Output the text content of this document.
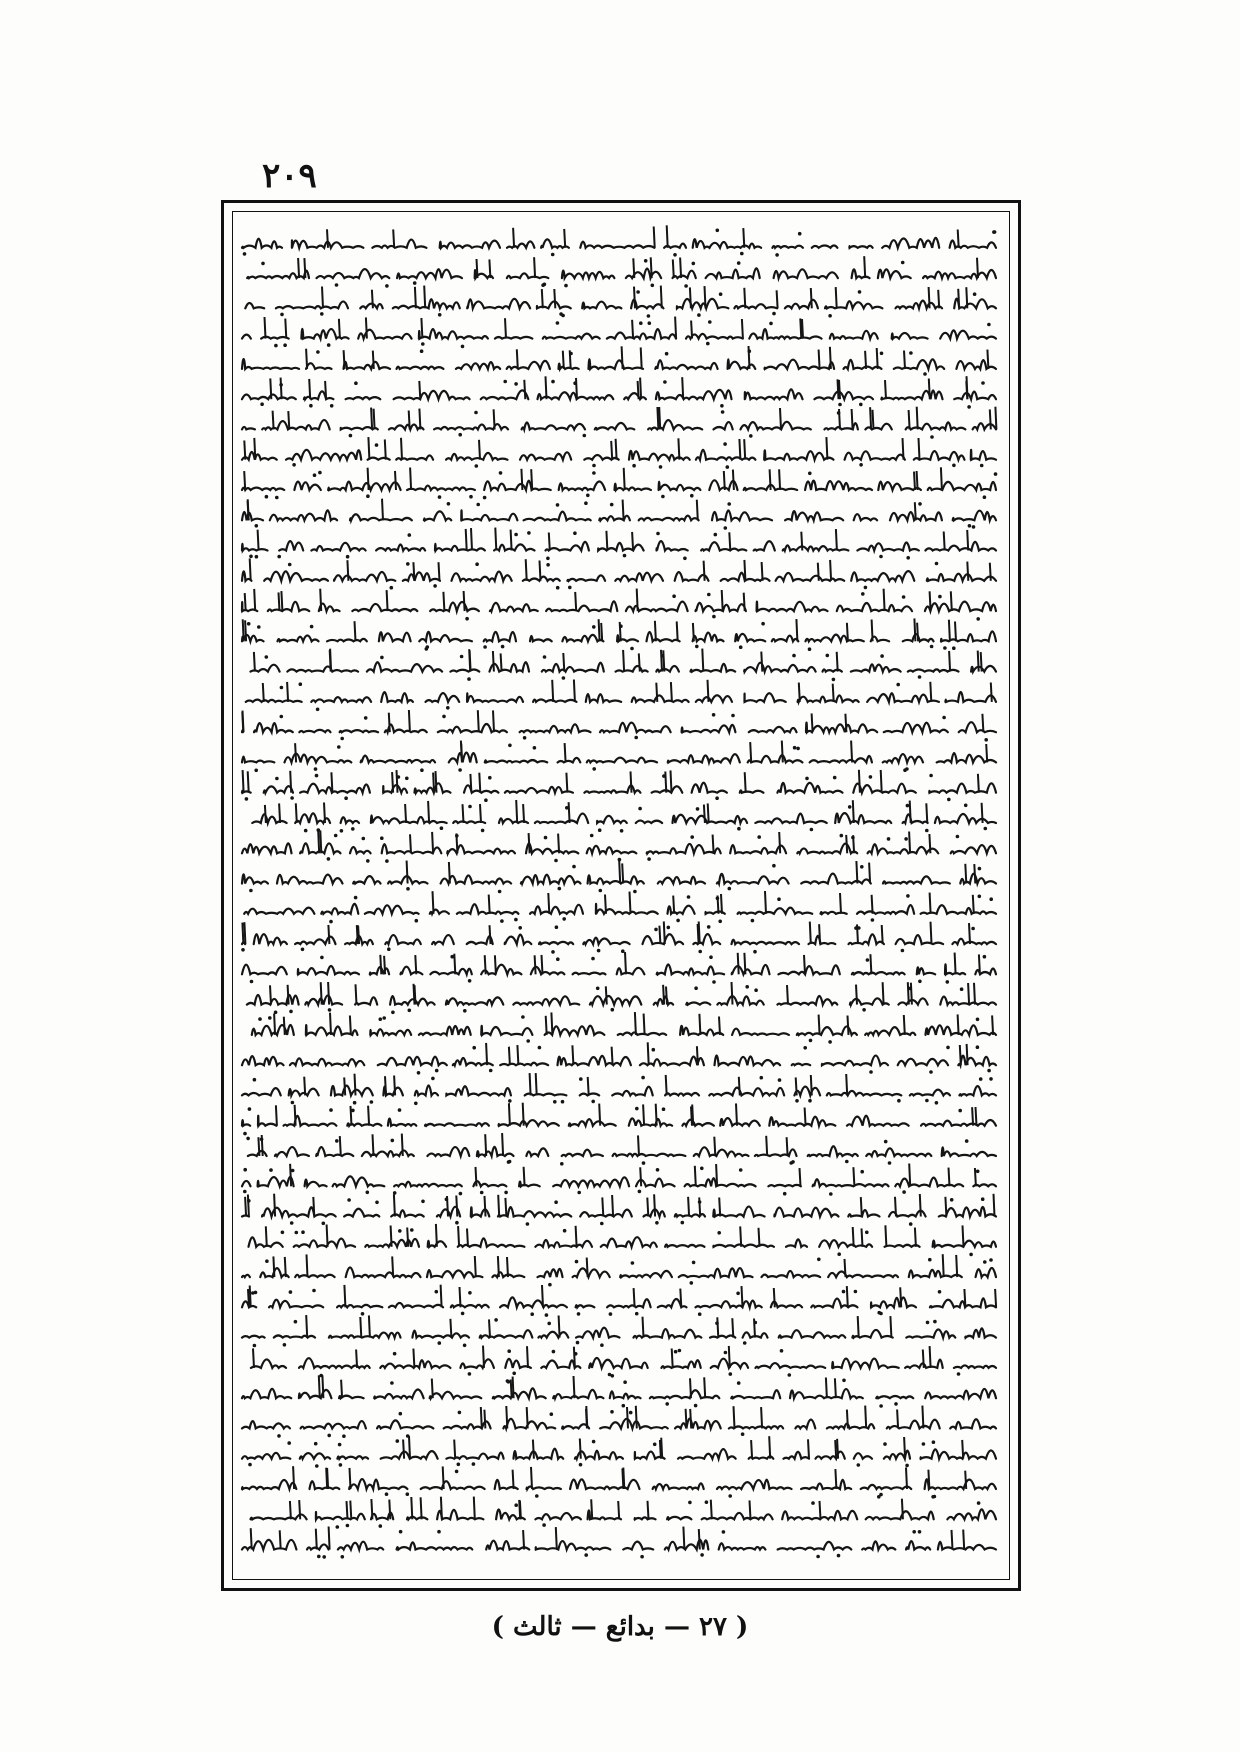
٢٠٩
( ٢٧ — بدائع — ثالث )
